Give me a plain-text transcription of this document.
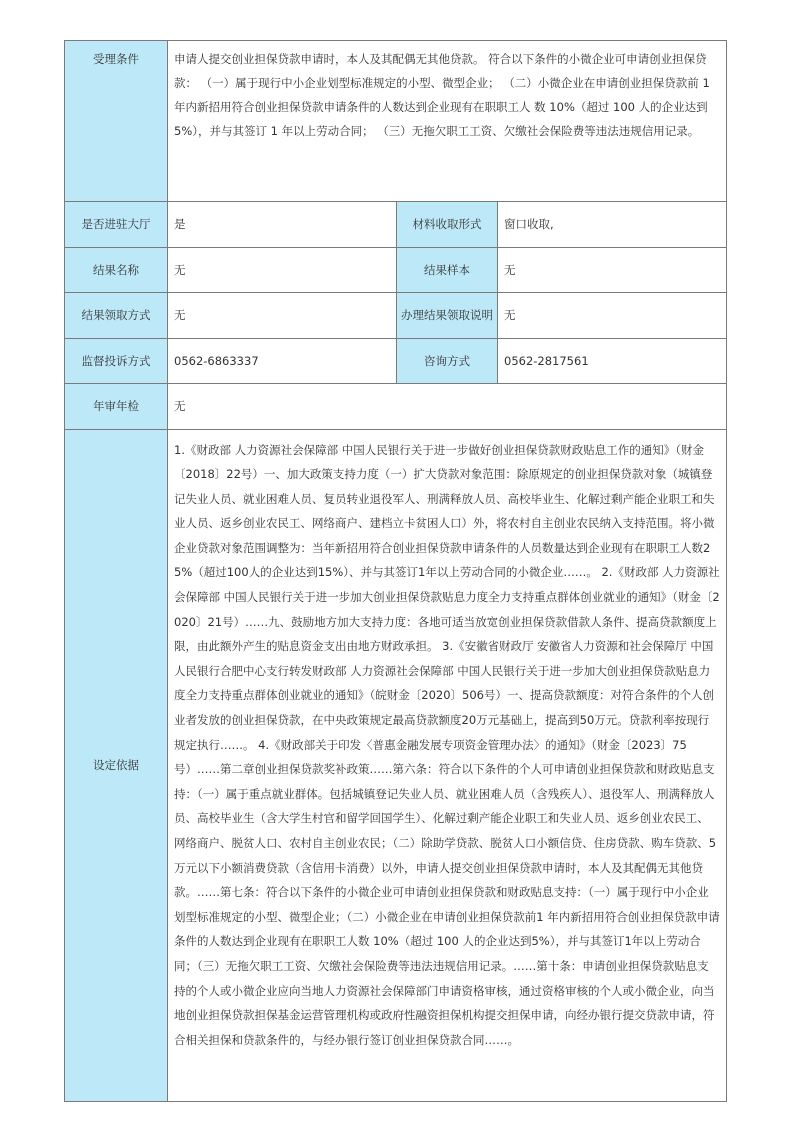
受理条件	申请人提交创业担保贷款申请时，本人及其配偶无其他贷款。 符合以下条件的小微企业可申请创业担保贷款： （一）属于现行中小企业划型标准规定的小型、微型企业； （二）小微企业在申请创业担保贷款前 1 年内新招用符合创业担保贷款申请条件的人数达到企业现有在职职工人 数 10%（超过 100 人的企业达到 5%），并与其签订 1 年以上劳动合同； （三）无拖欠职工工资、欠缴社会保险费等违法违规信用记录。		
是否进驻大厅	是	材料收取形式	窗口收取,
结果名称	无	结果样本	无
结果领取方式	无	办理结果领取说明	无
监督投诉方式	0562-6863337	咨询方式	0562-2817561
年审年检	无		
设定依据	1.《财政部 人力资源社会保障部 中国人民银行关于进一步做好创业担保贷款财政贴息工作的通知》（财金〔2018〕22号）一、加大政策支持力度（一）扩大贷款对象范围：除原规定的创业担保贷款对象（城镇登记失业人员、就业困难人员、复员转业退役军人、刑满释放人员、高校毕业生、化解过剩产能企业职工和失业人员、返乡创业农民工、网络商户、建档立卡贫困人口）外，将农村自主创业农民纳入支持范围。将小微企业贷款对象范围调整为：当年新招用符合创业担保贷款申请条件的人员数量达到企业现有在职职工人数25%（超过100人的企业达到15%）、并与其签订1年以上劳动合同的小微企业……。 2.《财政部 人力资源社会保障部 中国人民银行关于进一步加大创业担保贷款贴息力度全力支持重点群体创业就业的通知》（财金〔2020〕21号）……九、鼓励地方加大支持力度：各地可适当放宽创业担保贷款借款人条件、提高贷款额度上限，由此额外产生的贴息资金支出由地方财政承担。 3.《安徽省财政厅 安徽省人力资源和社会保障厅 中国人民银行合肥中心支行转发财政部 人力资源社会保障部 中国人民银行关于进一步加大创业担保贷款贴息力度全力支持重点群体创业就业的通知》（皖财金〔2020〕506号）一、提高贷款额度：对符合条件的个人创业者发放的创业担保贷款，在中央政策规定最高贷款额度20万元基础上，提高到50万元。贷款利率按现行规定执行……。 4.《财政部关于印发〈普惠金融发展专项资金管理办法〉的通知》（财金〔2023〕75号）……第二章创业担保贷款奖补政策……第六条：符合以下条件的个人可申请创业担保贷款和财政贴息支持：（一）属于重点就业群体。包括城镇登记失业人员、就业困难人员（含残疾人）、退役军人、刑满释放人员、高校毕业生（含大学生村官和留学回国学生）、化解过剩产能企业职工和失业人员、返乡创业农民工、网络商户、脱贫人口、农村自主创业农民；（二）除助学贷款、脱贫人口小额信贷、住房贷款、购车贷款、5 万元以下小额消费贷款（含信用卡消费）以外，申请人提交创业担保贷款申请时，本人及其配偶无其他贷款。……第七条：符合以下条件的小微企业可申请创业担保贷款和财政贴息支持：（一）属于现行中小企业划型标准规定的小型、微型企业；（二）小微企业在申请创业担保贷款前1 年内新招用符合创业担保贷款申请条件的人数达到企业现有在职职工人数 10%（超过 100 人的企业达到5%），并与其签订1年以上劳动合同；（三）无拖欠职工工资、欠缴社会保险费等违法违规信用记录。……第十条：申请创业担保贷款贴息支持的个人或小微企业应向当地人力资源社会保障部门申请资格审核，通过资格审核的个人或小微企业，向当地创业担保贷款担保基金运营管理机构或政府性融资担保机构提交担保申请，向经办银行提交贷款申请，符合相关担保和贷款条件的，与经办银行签订创业担保贷款合同……。		
